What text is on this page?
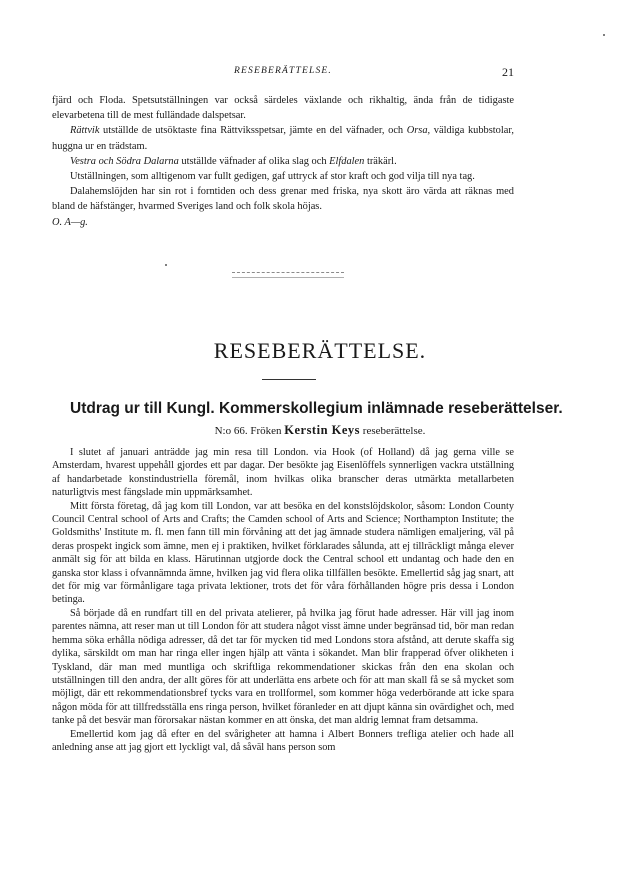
RESEBERÄTTELSE.	21

fjärd och Floda. Spetsutställningen var också särdeles växlande och rikhaltig, ända från de tidigaste elevarbetena till de mest fulländade dalspetsar.

Rättvik utställde de utsöktaste fina Rättviksspetsar, jämte en del väfnader, och Orsa, väldiga kubbstolar, huggna ur en trädstam.

Vestra och Södra Dalarna utställde väfnader af olika slag och Elfdalen träkärl.

Utställningen, som alltigenom var fullt gedigen, gaf uttryck af stor kraft och god vilja till nya tag.

Dalahemslöjden har sin rot i forntiden och dess grenar med friska, nya skott äro värda att räknas med bland de häfstänger, hvarmed Sveriges land och folk skola höjas.

O. A—g.

RESEBERÄTTELSE.
Utdrag ur till Kungl. Kommerskollegium inlämnade reseberättelser.
N:o 66. Fröken Kerstin Keys reseberättelse.

I slutet af januari anträdde jag min resa till London. via Hook (of Holland) då jag gerna ville se Amsterdam, hvarest uppehåll gjordes ett par dagar. Der besökte jag Eisenlöffels synnerligen vackra utställning af handarbetade konstindustriella föremål, inom hvilkas olika branscher deras utmärkta metallarbeten naturligtvis mest fängslade min uppmärksamhet.

Mitt första företag, då jag kom till London, var att besöka en del konstslöjdskolor, såsom: London County Council Central school of Arts and Crafts; the Camden school of Arts and Science; Northampton Institute; the Goldsmiths' Institute m. fl. men fann till min förvåning att det jag ämnade studera nämligen emaljering, väl på deras prospekt ingick som ämne, men ej i praktiken, hvilket förklarades sålunda, att ej tillräckligt många elever anmält sig för att bilda en klass. Härutinnan utgjorde dock the Central school ett undantag och hade den en ganska stor klass i ofvannämnda ämne, hvilken jag vid flera olika tillfällen besökte. Emellertid såg jag snart, att det för mig var förmånligare taga privata lektioner, trots det för våra förhållanden högre pris dessa i London betinga.

Så började då en rundfart till en del privata atelierer, på hvilka jag förut hade adresser. Här vill jag inom parentes nämna, att reser man ut till London för att studera något visst ämne under begränsad tid, bör man redan hemma söka erhålla nödiga adresser, då det tar för mycken tid med Londons stora afstånd, att derute skaffa sig dylika, särskildt om man har ringa eller ingen hjälp att vänta i sökandet. Man blir frapperad öfver olikheten i Tyskland, där man med muntliga och skriftliga rekommendationer skickas från den ena skolan och utställningen till den andra, der allt göres för att underlätta ens arbete och för att man skall få se så mycket som möjligt, där ett rekommendationsbref tycks vara en trollformel, som kommer höga vederbörande att icke spara någon möda för att tillfredsställa ens ringa person, hvilket föranleder en att djupt känna sin ovärdighet och, med tanke på det besvär man förorsakar nästan kommer en att önska, det man aldrig lemnat fram detsamma.

Emellertid kom jag då efter en del svårigheter att hamna i Albert Bonners trefliga atelier och hade all anledning anse att jag gjort ett lyckligt val, då såväl hans person som
